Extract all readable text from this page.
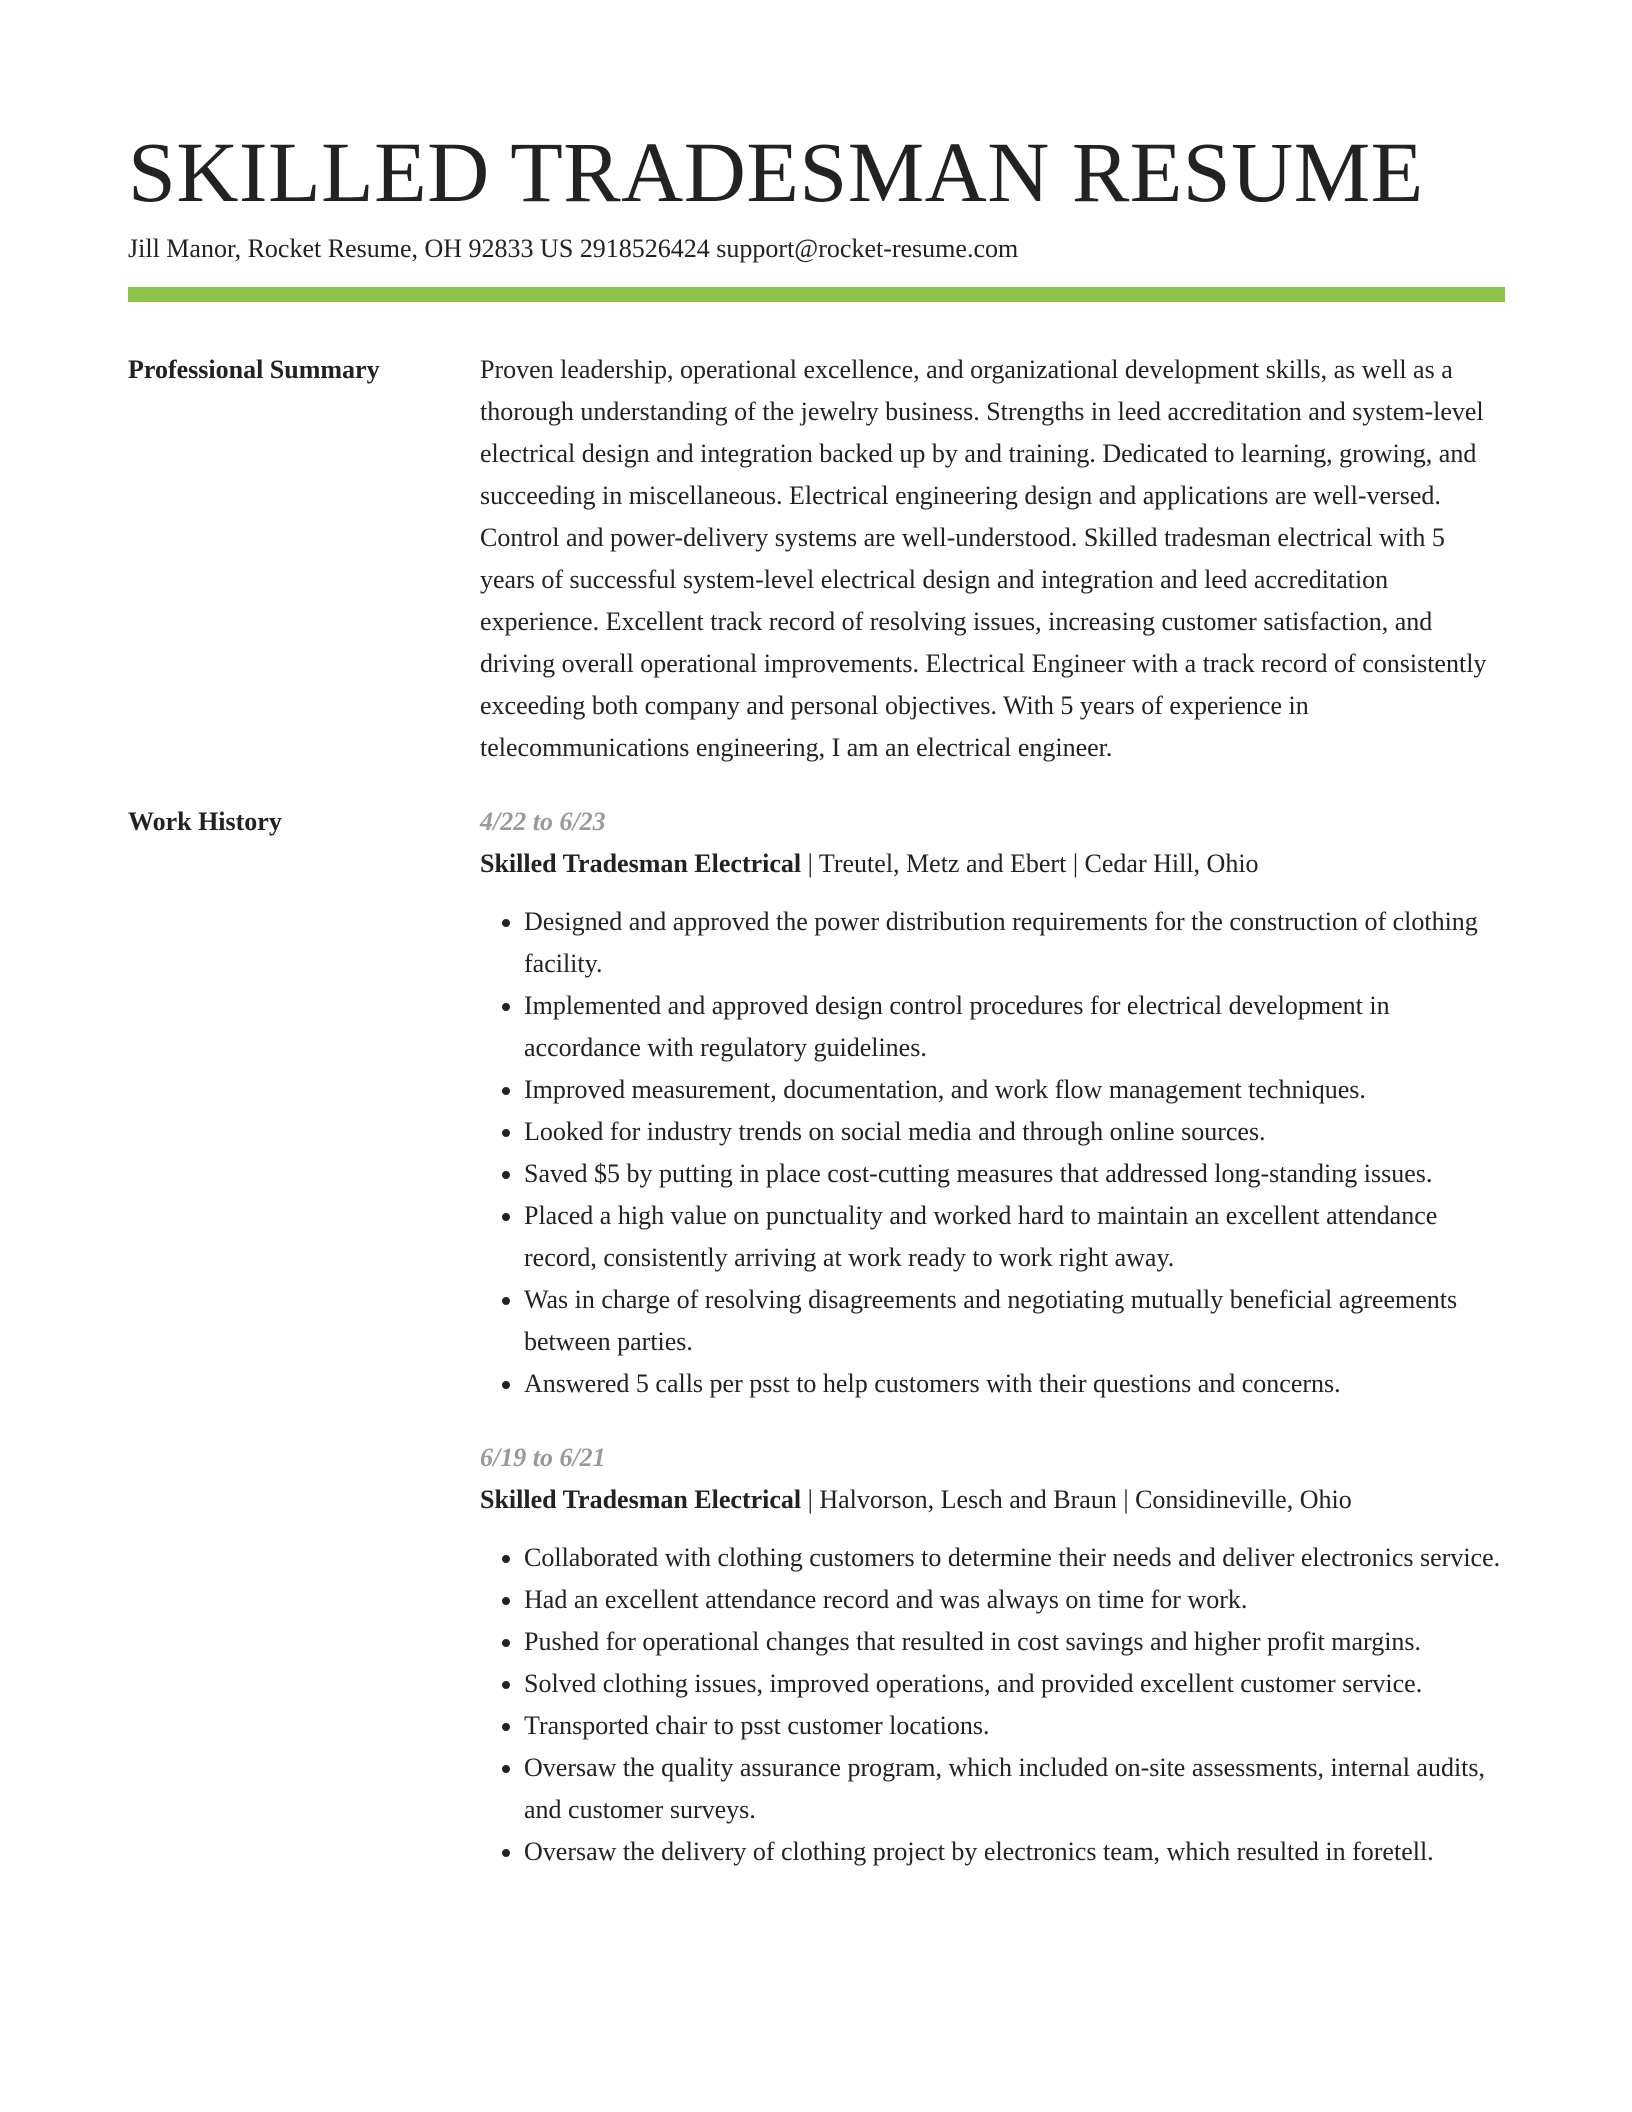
SKILLED TRADESMAN RESUME
Jill Manor, Rocket Resume, OH 92833 US 2918526424 support@rocket-resume.com
Professional Summary	Proven leadership, operational excellence, and organizational development skills, as well as a thorough understanding of the jewelry business. Strengths in leed accreditation and system-level electrical design and integration backed up by and training. Dedicated to learning, growing, and succeeding in miscellaneous. Electrical engineering design and applications are well-versed. Control and power-delivery systems are well-understood. Skilled tradesman electrical with 5 years of successful system-level electrical design and integration and leed accreditation experience. Excellent track record of resolving issues, increasing customer satisfaction, and driving overall operational improvements. Electrical Engineer with a track record of consistently exceeding both company and personal objectives. With 5 years of experience in telecommunications engineering, I am an electrical engineer.

Work History	4/22 to 6/23
Skilled Tradesman Electrical | Treutel, Metz and Ebert | Cedar Hill, Ohio
• Designed and approved the power distribution requirements for the construction of clothing facility.
• Implemented and approved design control procedures for electrical development in accordance with regulatory guidelines.
• Improved measurement, documentation, and work flow management techniques.
• Looked for industry trends on social media and through online sources.
• Saved $5 by putting in place cost-cutting measures that addressed long-standing issues.
• Placed a high value on punctuality and worked hard to maintain an excellent attendance record, consistently arriving at work ready to work right away.
• Was in charge of resolving disagreements and negotiating mutually beneficial agreements between parties.
• Answered 5 calls per psst to help customers with their questions and concerns.
6/19 to 6/21
Skilled Tradesman Electrical | Halvorson, Lesch and Braun | Considineville, Ohio
• Collaborated with clothing customers to determine their needs and deliver electronics service.
• Had an excellent attendance record and was always on time for work.
• Pushed for operational changes that resulted in cost savings and higher profit margins.
• Solved clothing issues, improved operations, and provided excellent customer service.
• Transported chair to psst customer locations.
• Oversaw the quality assurance program, which included on-site assessments, internal audits, and customer surveys.
• Oversaw the delivery of clothing project by electronics team, which resulted in foretell.
